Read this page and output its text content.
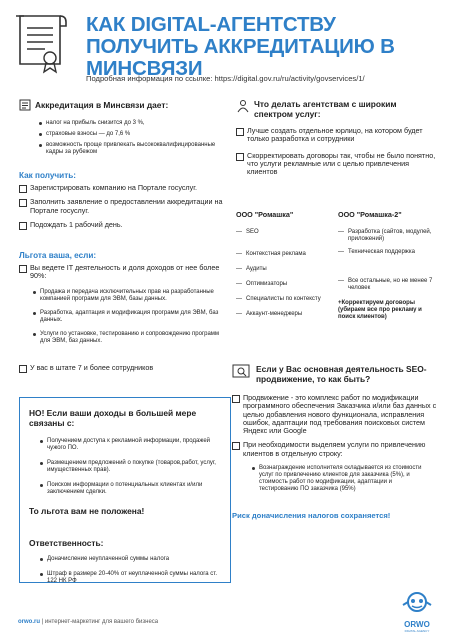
КАК DIGITAL-АГЕНТСТВУ ПОЛУЧИТЬ АККРЕДИТАЦИЮ В МИНСВЯЗИ
Подробная информация по ссылке: https://digital.gov.ru/ru/activity/govservices/1/
Аккредитация в Минсвязи дает:
налог на прибыль снизится до 3 %,
страховые взносы — до 7,6 %
возможность проще привлекать высококвалифицированные кадры за рубежом
Как получить:
Зарегистрировать компанию на Портале госуслуг.
Заполнить заявление о предоставлении аккредитации на Портале госуслуг.
Подождать 1 рабочий день.
Льгота ваша, если:
Вы ведете IT деятельность и доля доходов от нее более 90%:
Продажа и передача исключительных прав на разработанные компанией программ для ЭВМ, базы данных.
Разработка, адаптация и модификация программ для ЭВМ, баз данных.
Услуги по установке, тестированию и сопровождению программ для ЭВМ, баз данных.
У вас в штате 7 и более сотрудников
НО! Если ваши доходы в большей мере связаны с:
Получением доступа к рекламной информации, продажей чужого ПО.
Размещением предложений о покупке (товаров,работ, услуг, имущественных прав).
Поиском информации о потенциальных клиентах и/или заключением сделки.
То льгота вам не положена!
Ответственность:
Доначисление неуплаченной суммы налога
Штраф в размере 20-40% от неуплаченной суммы налога ст. 122 НК РФ
Что делать агентствам с широким спектром услуг:
Лучше создать отдельное юрлицо, на котором будет только разработка и сотрудники
Скорректировать договоры так, чтобы не было понятно, что услуги рекламные или с целью привлечения клиентов
ООО "Ромашка"
— SEO
— Контекстная реклама
— Аудиты
— Оптимизаторы
— Специалисты по контексту
— Аккаунт-менеджеры
ООО "Ромашка-2"
— Разработка (сайтов, модулей, приложений)
— Техническая поддержка
— Все остальные, но не менее 7 человек
+Корректируем договоры (убираем все про рекламу и поиск клиентов)
Если у Вас основная деятельность SEO-продвижение, то как быть?
Продвижение - это комплекс работ по модификации программного обеспечения Заказчика и/или баз данных с целью добавления нового функционала, исправления ошибок, адаптации под требования поисковых систем Яндекс или Google
При необходимости выделяем услуги по привлечению клиентов в отдельную строку:
Вознаграждение исполнителя складывается из стоимости услуг по привлечению клиентов для заказчика (5%), и стоимость работ по модификации, адаптации и тестированию ПО заказчика (95%)
Риск доначисления налогов сохраняется!
orwo.ru | интернет-маркетинг для вашего бизнеса	ORWO
DIGITAL AGENCY
